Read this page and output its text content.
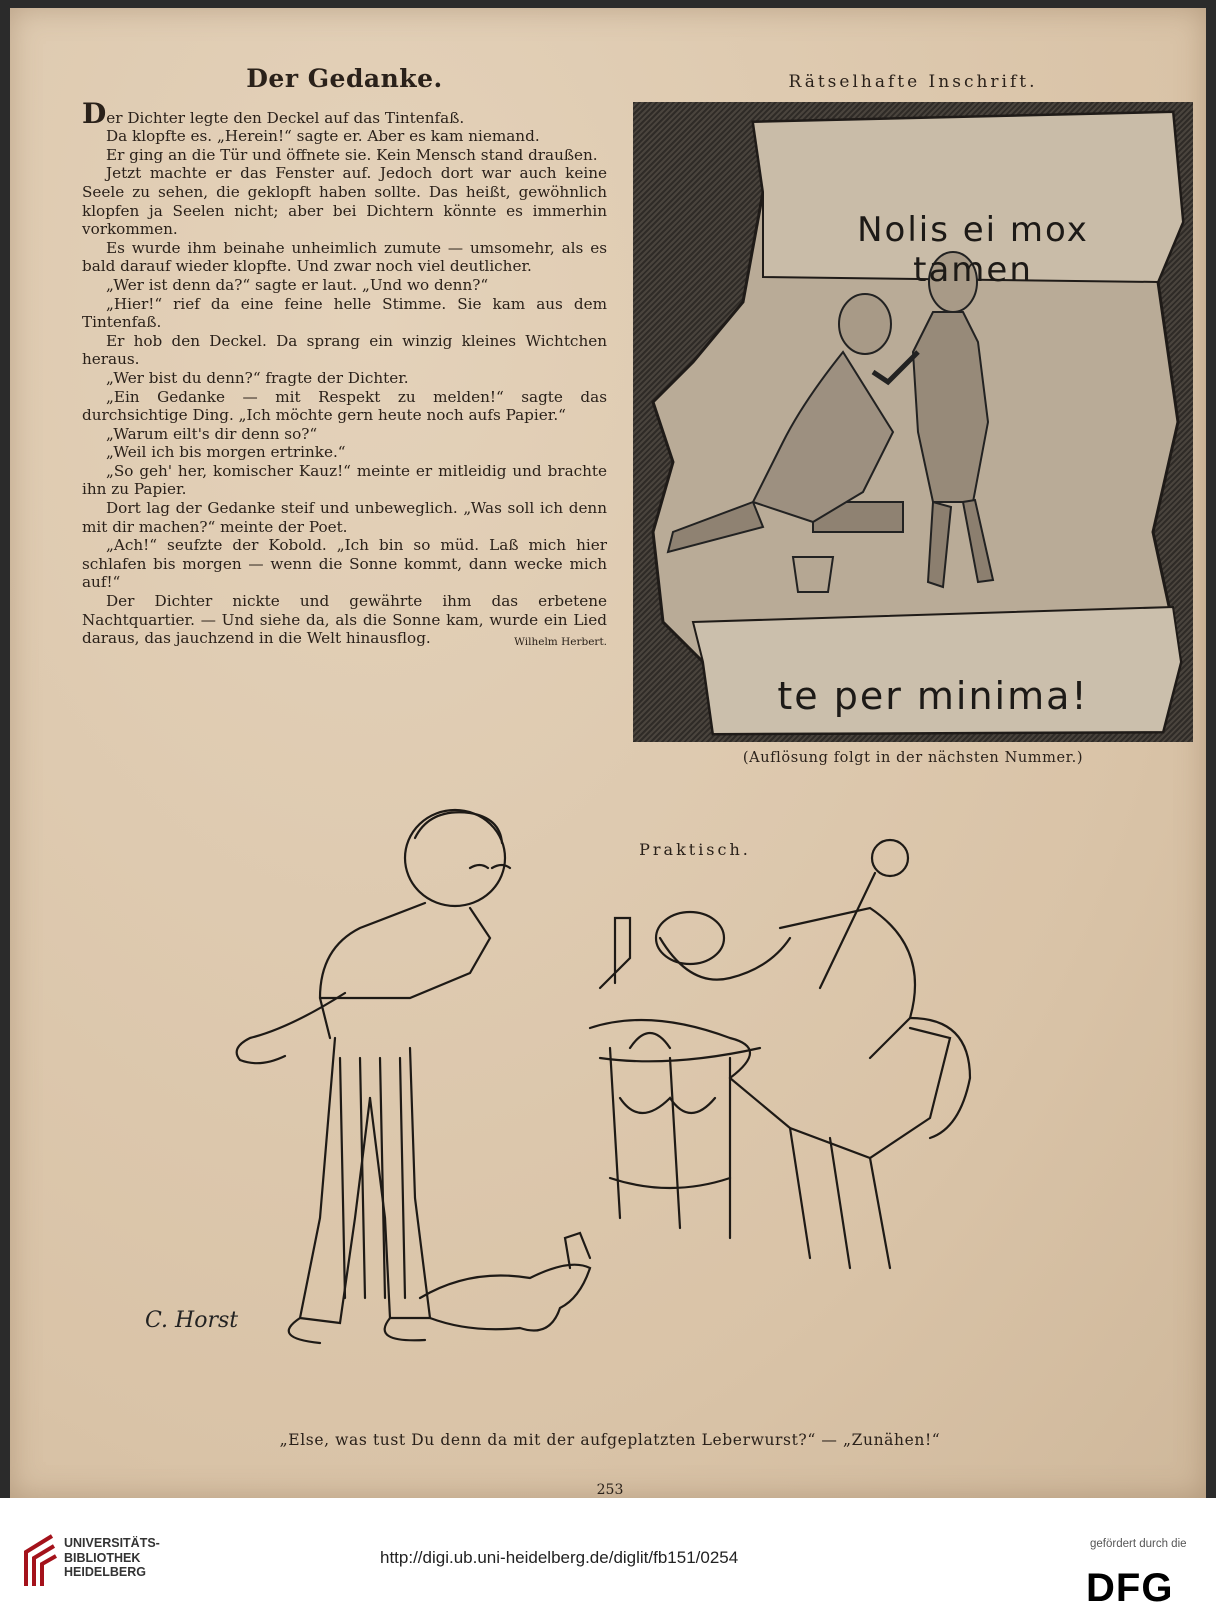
Der Gedanke.

Der Dichter legte den Deckel auf das Tintenfaß.

Da klopfte es. „Herein!“ sagte er. Aber es kam niemand.

Er ging an die Tür und öffnete sie. Kein Mensch stand draußen.

Jetzt machte er das Fenster auf. Jedoch dort war auch keine Seele zu sehen, die geklopft haben sollte. Das heißt, gewöhnlich klopfen ja Seelen nicht; aber bei Dichtern könnte es immerhin vorkommen.

Es wurde ihm beinahe unheimlich zumute — umsomehr, als es bald darauf wieder klopfte. Und zwar noch viel deutlicher.

„Wer ist denn da?“ sagte er laut. „Und wo denn?“

„Hier!“ rief da eine feine helle Stimme. Sie kam aus dem Tintenfaß.

Er hob den Deckel. Da sprang ein winzig kleines Wichtchen heraus.

„Wer bist du denn?“ fragte der Dichter.

„Ein Gedanke — mit Respekt zu melden!“ sagte das durchsichtige Ding. „Ich möchte gern heute noch aufs Papier.“

„Warum eilt's dir denn so?“

„Weil ich bis morgen ertrinke.“

„So geh' her, komischer Kauz!“ meinte er mitleidig und brachte ihn zu Papier.

Dort lag der Gedanke steif und unbeweglich. „Was soll ich denn mit dir machen?“ meinte der Poet.

„Ach!“ seufzte der Kobold. „Ich bin so müd. Laß mich hier schlafen bis morgen — wenn die Sonne kommt, dann wecke mich auf!“

Der Dichter nickte und gewährte ihm das erbetene Nachtquartier. — Und siehe da, als die Sonne kam, wurde ein Lied daraus, das jauchzend in die Welt hinausflog.	Wilhelm Herbert.

Rätselhafte Inschrift.
Nolis ei mox tamen
te per minima!
(Auflösung folgt in der nächsten Nummer.)
Praktisch.
C. Horst
„Else, was tust Du denn da mit der aufgeplatzten Leberwurst?“ — „Zunähen!“
253
UNIVERSITÄTS-
BIBLIOTHEK
HEIDELBERG
http://digi.ub.uni-heidelberg.de/diglit/fb151/0254
gefördert durch die
DFG
